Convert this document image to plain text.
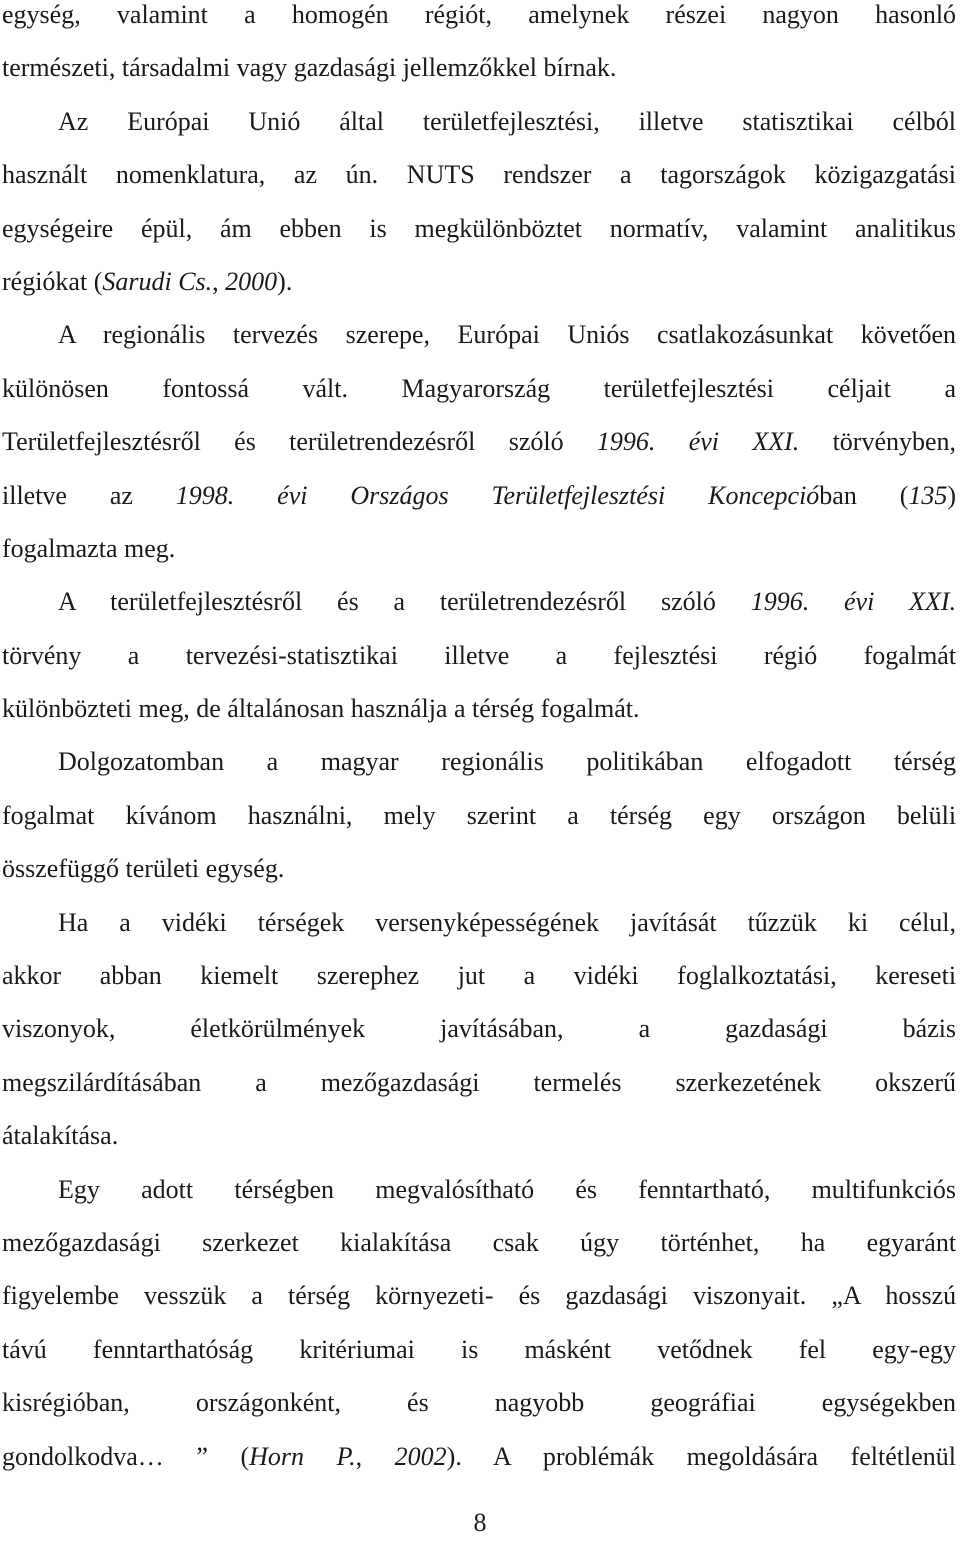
egység, valamint a homogén régiót, amelynek részei nagyon hasonló
természeti, társadalmi vagy gazdasági jellemzőkkel bírnak.
Az Európai Unió által területfejlesztési, illetve statisztikai célból
használt nomenklatura, az ún. NUTS rendszer a tagországok közigazgatási
egységeire épül, ám ebben is megkülönböztet normatív, valamint analitikus
régiókat (Sarudi Cs., 2000).
A regionális tervezés szerepe, Európai Uniós csatlakozásunkat követően
különösen fontossá vált. Magyarország területfejlesztési céljait a
Területfejlesztésről és területrendezésről szóló 1996. évi XXI. törvényben,
illetve az 1998. évi Országos Területfejlesztési Koncepcióban (135)
fogalmazta meg.
A területfejlesztésről és a területrendezésről szóló 1996. évi XXI.
törvény a tervezési-statisztikai illetve a fejlesztési régió fogalmát
különbözteti meg, de általánosan használja a térség fogalmát.
Dolgozatomban a magyar regionális politikában elfogadott térség
fogalmat kívánom használni, mely szerint a térség egy országon belüli
összefüggő területi egység.
Ha a vidéki térségek versenyképességének javítását tűzzük ki célul,
akkor abban kiemelt szerephez jut a vidéki foglalkoztatási, kereseti
viszonyok,	életkörülmények	javításában,	a	gazdasági	bázis
megszilárdításában a mezőgazdasági termelés szerkezetének okszerű
átalakítása.
Egy adott térségben megvalósítható és fenntartható, multifunkciós
mezőgazdasági szerkezet kialakítása csak úgy történhet, ha egyaránt
figyelembe vesszük a térség környezeti- és gazdasági viszonyait. „A hosszú
távú fenntarthatóság kritériumai is másként vetődnek fel egy-egy
kisrégióban,	országonként,	és	nagyobb	geográfiai	egységekben
gondolkodva… ” (Horn P., 2002). A problémák megoldására feltétlenül
8
